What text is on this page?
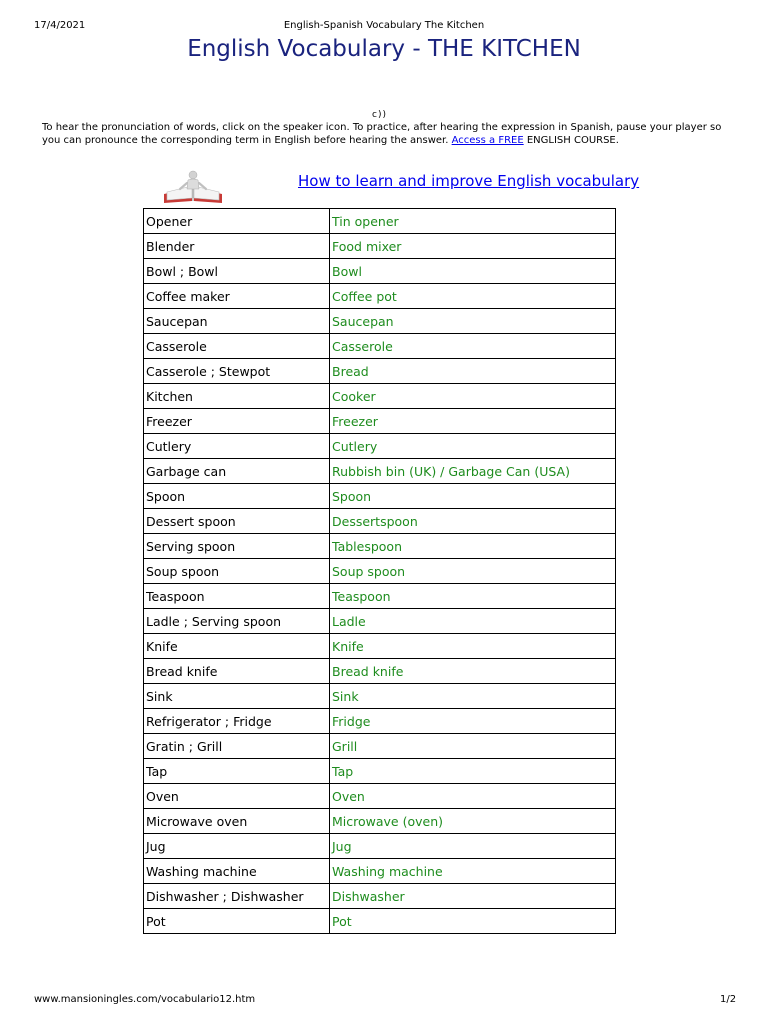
17/4/2021	English-Spanish Vocabulary The Kitchen
English Vocabulary - THE KITCHEN
c))
To hear the pronunciation of words, click on the speaker icon. To practice, after hearing the expression in Spanish, pause your player so you can pronounce the corresponding term in English before hearing the answer. Access a FREE ENGLISH COURSE.
How to learn and improve English vocabulary
Opener	Tin opener
Blender	Food mixer
Bowl ; Bowl	Bowl
Coffee maker	Coffee pot
Saucepan	Saucepan
Casserole	Casserole
Casserole ; Stewpot	Bread
Kitchen	Cooker
Freezer	Freezer
Cutlery	Cutlery
Garbage can	Rubbish bin (UK) / Garbage Can (USA)
Spoon	Spoon
Dessert spoon	Dessertspoon
Serving spoon	Tablespoon
Soup spoon	Soup spoon
Teaspoon	Teaspoon
Ladle ; Serving spoon	Ladle
Knife	Knife
Bread knife	Bread knife
Sink	Sink
Refrigerator ; Fridge	Fridge
Gratin ; Grill	Grill
Tap	Tap
Oven	Oven
Microwave oven	Microwave (oven)
Jug	Jug
Washing machine	Washing machine
Dishwasher ; Dishwasher	Dishwasher
Pot	Pot
www.mansioningles.com/vocabulario12.htm	1/2
